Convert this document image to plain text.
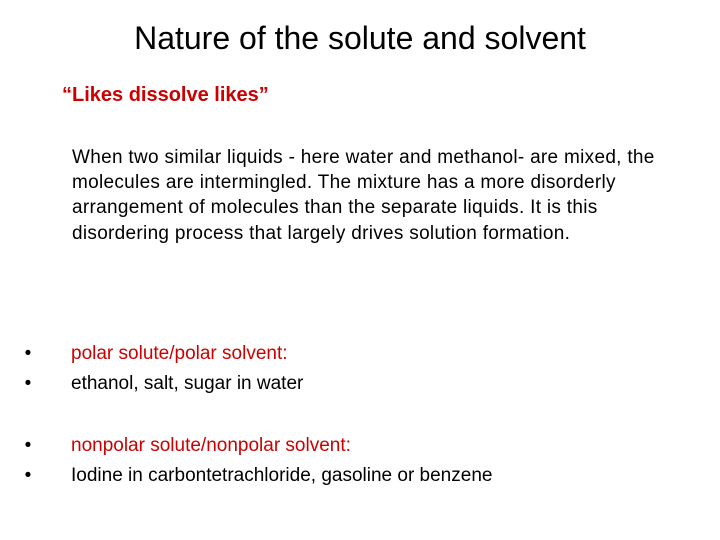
Nature of the solute and solvent
“Likes dissolve likes”
When two similar liquids - here water and methanol- are mixed, the molecules are intermingled. The mixture has a more disorderly arrangement of molecules than the separate liquids. It is this disordering process that largely drives solution formation.
•	polar solute/polar solvent:
•	ethanol, salt, sugar in water
•	nonpolar solute/nonpolar solvent:
•	Iodine in carbontetrachloride, gasoline or benzene
